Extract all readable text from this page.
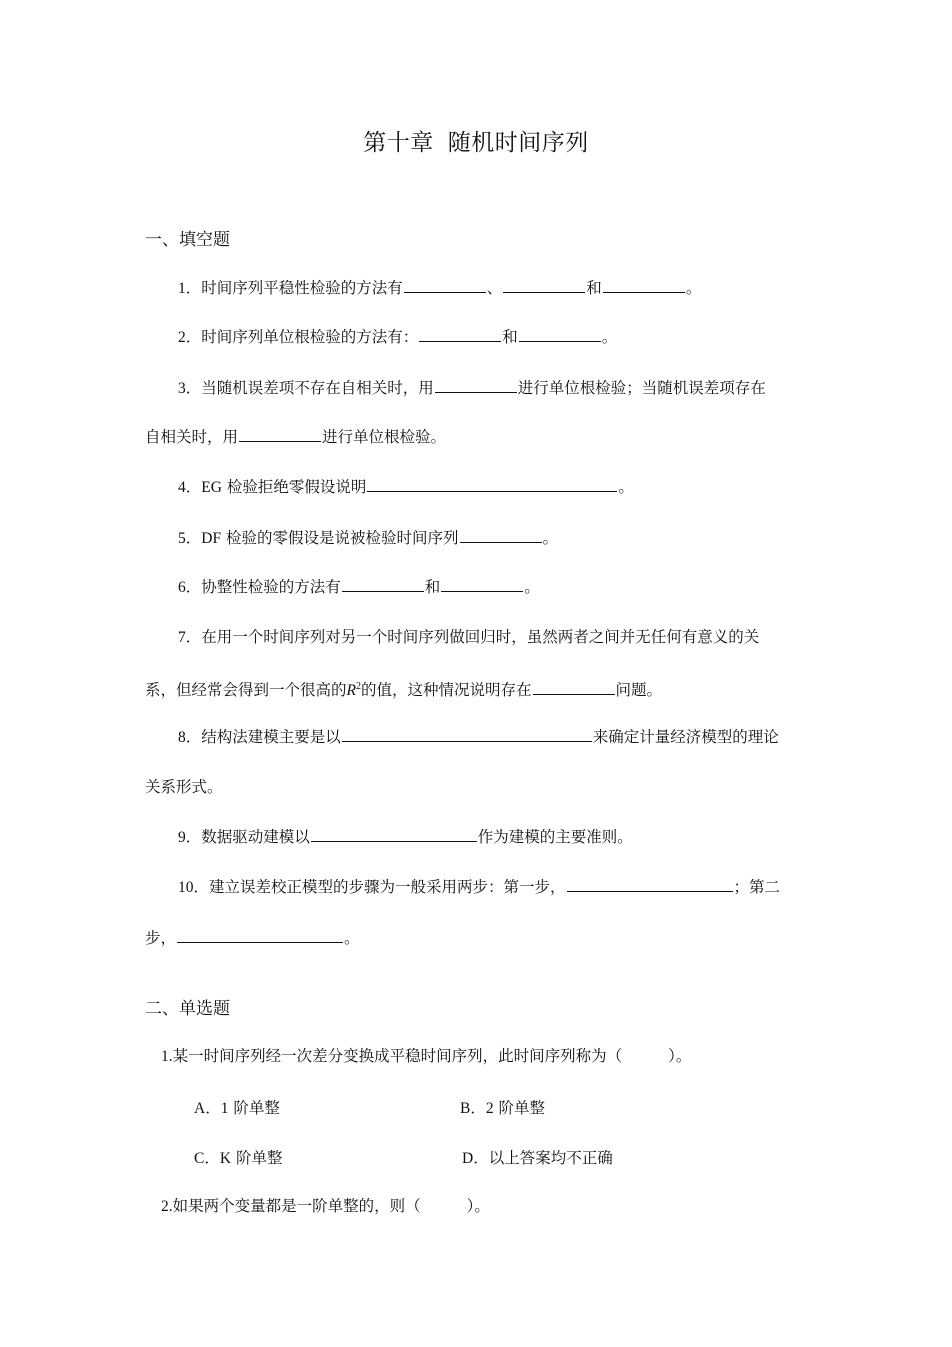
第十章 随机时间序列
一、填空题
1．时间序列平稳性检验的方法有	、	和	。
2．时间序列单位根检验的方法有：	和	。
3．当随机误差项不存在自相关时，用	进行单位根检验；当随机误差项存在
自相关时，用	进行单位根检验。
4．EG 检验拒绝零假设说明	。
5．DF 检验的零假设是说被检验时间序列	。
6．协整性检验的方法有	和	。
7．在用一个时间序列对另一个时间序列做回归时，虽然两者之间并无任何有意义的关
系，但经常会得到一个很高的$R^2$的值，这种情况说明存在	问题。
8．结构法建模主要是以	来确定计量经济模型的理论
关系形式。
9．数据驱动建模以	作为建模的主要准则。
10．建立误差校正模型的步骤为一般采用两步：第一步，	；第二
步，	。
二、单选题
1.某一时间序列经一次差分变换成平稳时间序列，此时间序列称为（	）。
A．1 阶单整	B．2 阶单整
C．K 阶单整	D．以上答案均不正确
2.如果两个变量都是一阶单整的，则（	）。
